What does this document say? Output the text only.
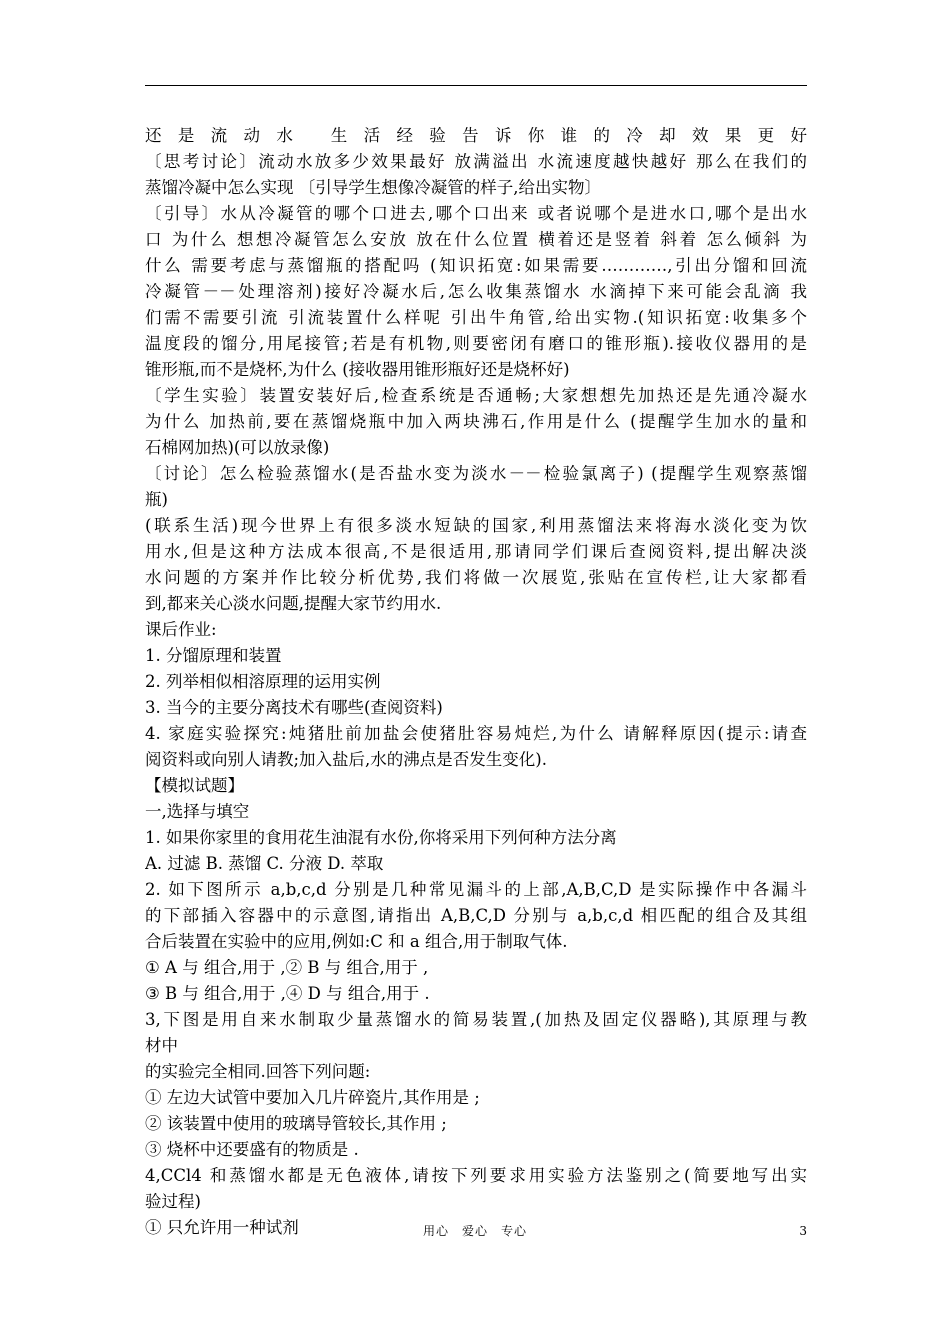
还是流动水 生活经验告诉你谁的冷却效果更好
〔思考讨论〕流动水放多少效果最好 放满溢出 水流速度越快越好 那么在我们的
蒸馏冷凝中怎么实现 〔引导学生想像冷凝管的样子,给出实物〕
〔引导〕水从冷凝管的哪个口进去,哪个口出来 或者说哪个是进水口,哪个是出水
口 为什么 想想冷凝管怎么安放 放在什么位置 横着还是竖着 斜着 怎么倾斜 为
什么 需要考虑与蒸馏瓶的搭配吗 (知识拓宽:如果需要…………,引出分馏和回流
冷凝管－－处理溶剂)接好冷凝水后,怎么收集蒸馏水 水滴掉下来可能会乱滴 我
们需不需要引流 引流装置什么样呢 引出牛角管,给出实物.(知识拓宽:收集多个
温度段的馏分,用尾接管;若是有机物,则要密闭有磨口的锥形瓶).接收仪器用的是
锥形瓶,而不是烧杯,为什么 (接收器用锥形瓶好还是烧杯好)
〔学生实验〕装置安装好后,检查系统是否通畅;大家想想先加热还是先通冷凝水
为什么 加热前,要在蒸馏烧瓶中加入两块沸石,作用是什么 (提醒学生加水的量和
石棉网加热)(可以放录像)
〔讨论〕怎么检验蒸馏水(是否盐水变为淡水－－检验氯离子) (提醒学生观察蒸馏
瓶)
(联系生活)现今世界上有很多淡水短缺的国家,利用蒸馏法来将海水淡化变为饮
用水,但是这种方法成本很高,不是很适用,那请同学们课后查阅资料,提出解决淡
水问题的方案并作比较分析优势,我们将做一次展览,张贴在宣传栏,让大家都看
到,都来关心淡水问题,提醒大家节约用水.
课后作业:
1. 分馏原理和装置
2. 列举相似相溶原理的运用实例
3. 当今的主要分离技术有哪些(查阅资料)
4. 家庭实验探究:炖猪肚前加盐会使猪肚容易炖烂,为什么 请解释原因(提示:请查
阅资料或向别人请教;加入盐后,水的沸点是否发生变化).
【模拟试题】
一,选择与填空
1. 如果你家里的食用花生油混有水份,你将采用下列何种方法分离
A. 过滤 B. 蒸馏 C. 分液 D. 萃取
2. 如下图所示 a,b,c,d 分别是几种常见漏斗的上部,A,B,C,D 是实际操作中各漏斗
的下部插入容器中的示意图,请指出 A,B,C,D 分别与 a,b,c,d 相匹配的组合及其组
合后装置在实验中的应用,例如:C 和 a 组合,用于制取气体.
① A 与 组合,用于 ,② B 与 组合,用于 ,
③ B 与 组合,用于 ,④ D 与 组合,用于 .
3,下图是用自来水制取少量蒸馏水的简易装置,(加热及固定仪器略),其原理与教
材中
的实验完全相同.回答下列问题:
① 左边大试管中要加入几片碎瓷片,其作用是 ;
② 该装置中使用的玻璃导管较长,其作用 ;
③ 烧杯中还要盛有的物质是 .
4,CCl4 和蒸馏水都是无色液体,请按下列要求用实验方法鉴别之(简要地写出实
验过程)
① 只允许用一种试剂	用心　爱心　专心	3
